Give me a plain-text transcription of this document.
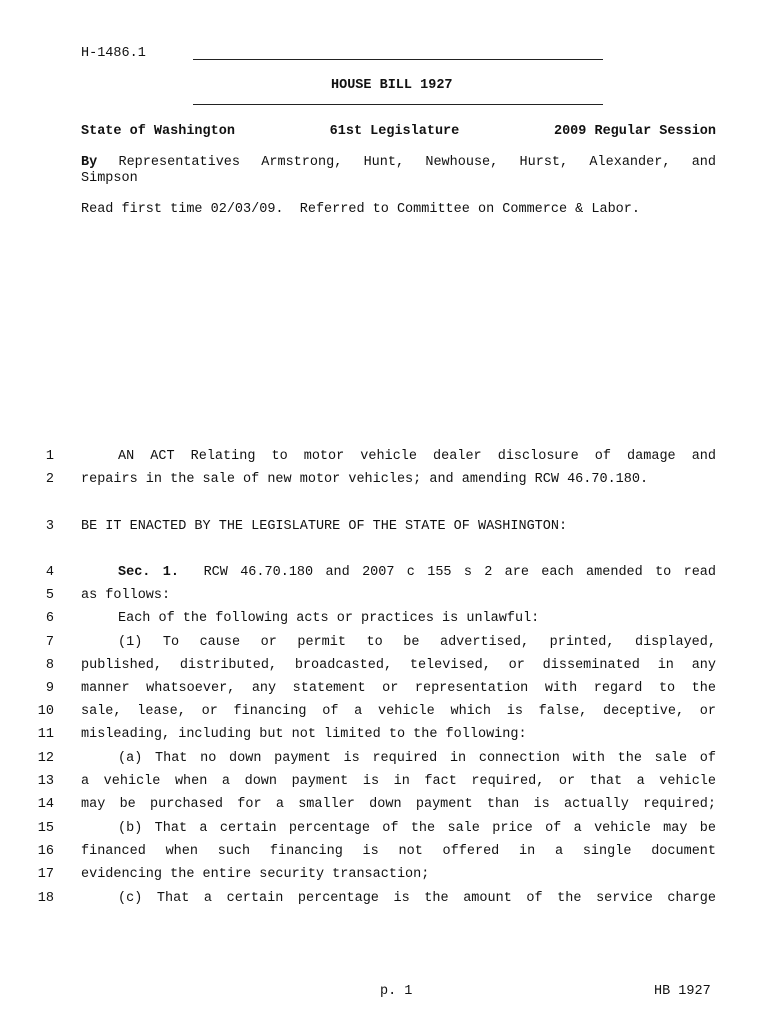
H-1486.1
HOUSE BILL 1927
State of Washington	61st Legislature	2009 Regular Session
By Representatives Armstrong, Hunt, Newhouse, Hurst, Alexander, and
Simpson
Read first time 02/03/09.  Referred to Committee on Commerce & Labor.
1	AN ACT Relating to motor vehicle dealer disclosure of damage and
2 repairs in the sale of new motor vehicles; and amending RCW 46.70.180.
3 BE IT ENACTED BY THE LEGISLATURE OF THE STATE OF WASHINGTON:
4	Sec. 1.  RCW 46.70.180 and 2007 c 155 s 2 are each amended to read
5 as follows:
6	Each of the following acts or practices is unlawful:
7	(1) To cause or permit to be advertised, printed, displayed,
8 published, distributed, broadcasted, televised, or disseminated in any
9 manner whatsoever, any statement or representation with regard to the
10 sale, lease, or financing of a vehicle which is false, deceptive, or
11 misleading, including but not limited to the following:
12	(a) That no down payment is required in connection with the sale of
13 a vehicle when a down payment is in fact required, or that a vehicle
14 may be purchased for a smaller down payment than is actually required;
15	(b) That a certain percentage of the sale price of a vehicle may be
16 financed when such financing is not offered in a single document
17 evidencing the entire security transaction;
18	(c) That a certain percentage is the amount of the service charge
p. 1	HB 1927
